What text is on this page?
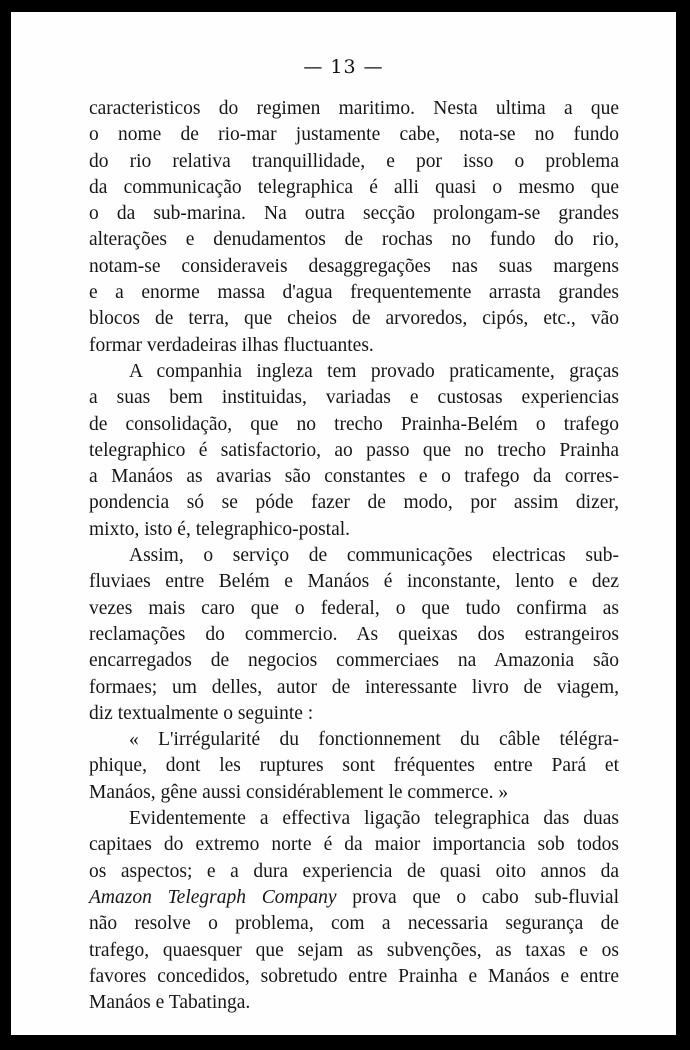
— 13 —

caracteristicos do regimen maritimo. Nesta ultima a que
o nome de rio-mar justamente cabe, nota-se no fundo
do rio relativa tranquillidade, e por isso o problema
da communicação telegraphica é alli quasi o mesmo que
o da sub-marina. Na outra secção prolongam-se grandes
alterações e denudamentos de rochas no fundo do rio,
notam-se consideraveis desaggregações nas suas margens
e a enorme massa d'agua frequentemente arrasta grandes
blocos de terra, que cheios de arvoredos, cipós, etc., vão
formar verdadeiras ilhas fluctuantes.

A companhia ingleza tem provado praticamente, graças
a suas bem instituidas, variadas e custosas experiencias
de consolidação, que no trecho Prainha-Belém o trafego
telegraphico é satisfactorio, ao passo que no trecho Prainha
a Manáos as avarias são constantes e o trafego da corres-
pondencia só se póde fazer de modo, por assim dizer,
mixto, isto é, telegraphico-postal.

Assim, o serviço de communicações electricas sub-
fluviaes entre Belém e Manáos é inconstante, lento e dez
vezes mais caro que o federal, o que tudo confirma as
reclamações do commercio. As queixas dos estrangeiros
encarregados de negocios commerciaes na Amazonia são
formaes; um delles, autor de interessante livro de viagem,
diz textualmente o seguinte :

« L'irrégularité du fonctionnement du câble télégra-
phique, dont les ruptures sont fréquentes entre Pará et
Manáos, gêne aussi considérablement le commerce. »

Evidentemente a effectiva ligação telegraphica das duas
capitaes do extremo norte é da maior importancia sob todos
os aspectos; e a dura experiencia de quasi oito annos da
Amazon Telegraph Company prova que o cabo sub-fluvial
não resolve o problema, com a necessaria segurança de
trafego, quaesquer que sejam as subvenções, as taxas e os
favores concedidos, sobretudo entre Prainha e Manáos e entre
Manáos e Tabatinga.
